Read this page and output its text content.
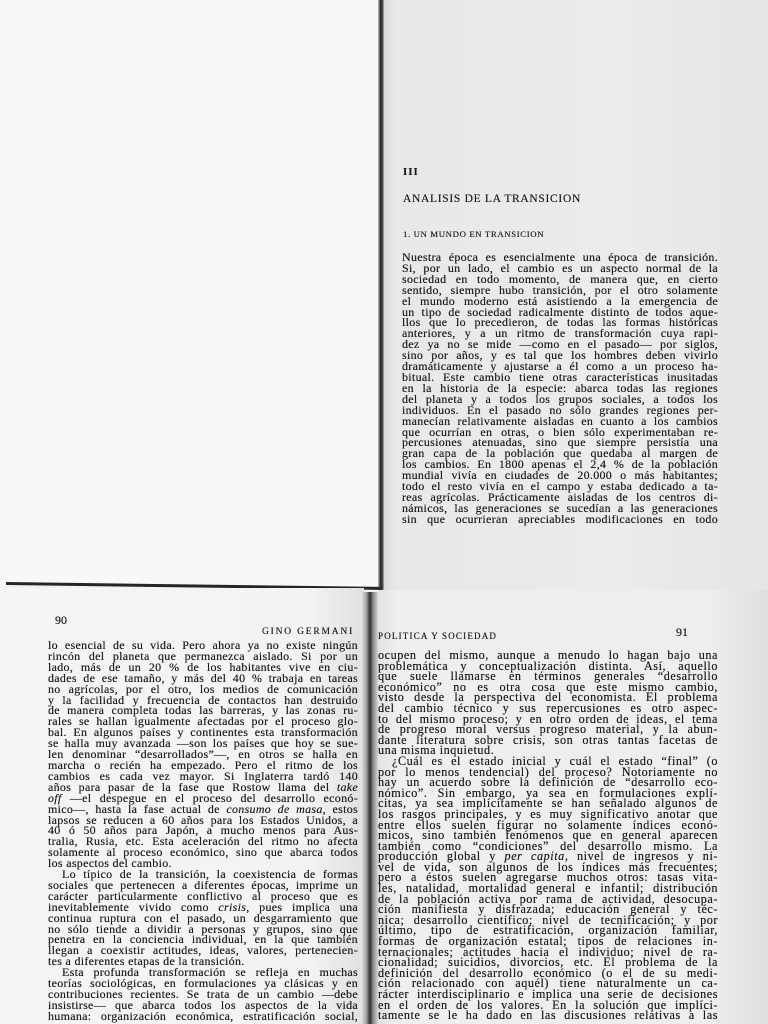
III
ANALISIS DE LA TRANSICION
1. UN MUNDO EN TRANSICION
Nuestra época es esencialmente una época de transición.
Si, por un lado, el cambio es un aspecto normal de la
sociedad en todo momento, de manera que, en cierto
sentido, siempre hubo transición, por el otro solamente
el mundo moderno está asistiendo a la emergencia de
un tipo de sociedad radicalmente distinto de todos aque-
llos que lo precedieron, de todas las formas históricas
anteriores, y a un ritmo de transformación cuya rapi-
dez ya no se mide —como en el pasado— por siglos,
sino por años, y es tal que los hombres deben vivirlo
dramáticamente y ajustarse a él como a un proceso ha-
bitual. Este cambio tiene otras características inusitadas
en la historia de la especie: abarca todas las regiones
del planeta y a todos los grupos sociales, a todos los
individuos. En el pasado no sólo grandes regiones per-
manecían relativamente aisladas en cuanto a los cambios
que ocurrían en otras, o bien sólo experimentaban re-
percusiones atenuadas, sino que siempre persistía una
gran capa de la población que quedaba al margen de
los cambios. En 1800 apenas el 2,4 % de la población
mundial vivía en ciudades de 20.000 o más habitantes;
todo el resto vivía en el campo y estaba dedicado a ta-
reas agrícolas. Prácticamente aisladas de los centros di-
námicos, las generaciones se sucedían a las generaciones
sin que ocurrieran apreciables modificaciones en todo
90
GINO GERMANI
lo esencial de su vida. Pero ahora ya no existe ningún
rincón del planeta que permanezca aislado. Si por un
lado, más de un 20 % de los habitantes vive en ciu-
dades de ese tamaño, y más del 40 % trabaja en tareas
no agrícolas, por el otro, los medios de comunicación
y la facilidad y frecuencia de contactos han destruido
de manera completa todas las barreras, y las zonas ru-
rales se hallan igualmente afectadas por el proceso glo-
bal. En algunos países y continentes esta transformación
se halla muy avanzada —son los países que hoy se sue-
len denominar “desarrollados”—, en otros se halla en
marcha o recién ha empezado. Pero el ritmo de los
cambios es cada vez mayor. Si Inglaterra tardó 140
años para pasar de la fase que Rostow llama del take
off —el despegue en el proceso del desarrollo econó-
mico—, hasta la fase actual de consumo de masa, estos
lapsos se reducen a 60 años para los Estados Unidos, a
40 ó 50 años para Japón, a mucho menos para Aus-
tralia, Rusia, etc. Esta aceleración del ritmo no afecta
solamente al proceso económico, sino que abarca todos
los aspectos del cambio.
Lo típico de la transición, la coexistencia de formas
sociales que pertenecen a diferentes épocas, imprime un
carácter particularmente conflictivo al proceso que es
inevitablemente vivido como crisis, pues implica una
continua ruptura con el pasado, un desgarramiento que
no sólo tiende a dividir a personas y grupos, sino que
penetra en la conciencia individual, en la que también
llegan a coexistir actitudes, ideas, valores, pertenecien-
tes a diferentes etapas de la transición.
Esta profunda transformación se refleja en muchas
teorías sociológicas, en formulaciones ya clásicas y en
contribuciones recientes. Se trata de un cambio —debe
insistirse— que abarca todos los aspectos de la vida
humana: organización económica, estratificación social,
POLITICA Y SOCIEDAD	91
ocupen del mismo, aunque a menudo lo hagan bajo una
problemática y conceptualización distinta. Así, aquello
que suele llamarse en términos generales “desarrollo
económico” no es otra cosa que este mismo cambio,
visto desde la perspectiva del economista. El problema
del cambio técnico y sus repercusiones es otro aspec-
to del mismo proceso; y en otro orden de ideas, el tema
de progreso moral versus progreso material, y la abun-
dante literatura sobre crisis, son otras tantas facetas de
una misma inquietud.
¿Cuál es el estado inicial y cuál el estado “final” (o
por lo menos tendencial) del proceso? Notoriamente no
hay un acuerdo sobre la definición de “desarrollo eco-
nómico”. Sin embargo, ya sea en formulaciones explí-
citas, ya sea implícitamente se han señalado algunos de
los rasgos principales, y es muy significativo anotar que
entre ellos suelen figurar no solamente índices econó-
micos, sino también fenómenos que en general aparecen
también como “condiciones” del desarrollo mismo. La
producción global y per capita, nivel de ingresos y ni-
vel de vida, son algunos de los índices más frecuentes;
pero a éstos suelen agregarse muchos otros: tasas vita-
les, natalidad, mortalidad general e infantil; distribución
de la población activa por rama de actividad, desocupa-
ción manifiesta y disfrazada; educación general y téc-
nica; desarrollo científico; nivel de tecnificación; y por
último, tipo de estratificación, organización familiar,
formas de organización estatal; tipos de relaciones in-
ternacionales; actitudes hacia el individuo; nivel de ra-
cionalidad; suicidios, divorcios, etc. El problema de la
definición del desarrollo económico (o el de su medi-
ción relacionado con aquél) tiene naturalmente un ca-
rácter interdisciplinario e implica una serie de decisiones
en el orden de los valores. En la solución que implíci-
tamente se le ha dado en las discusiones relativas a las
